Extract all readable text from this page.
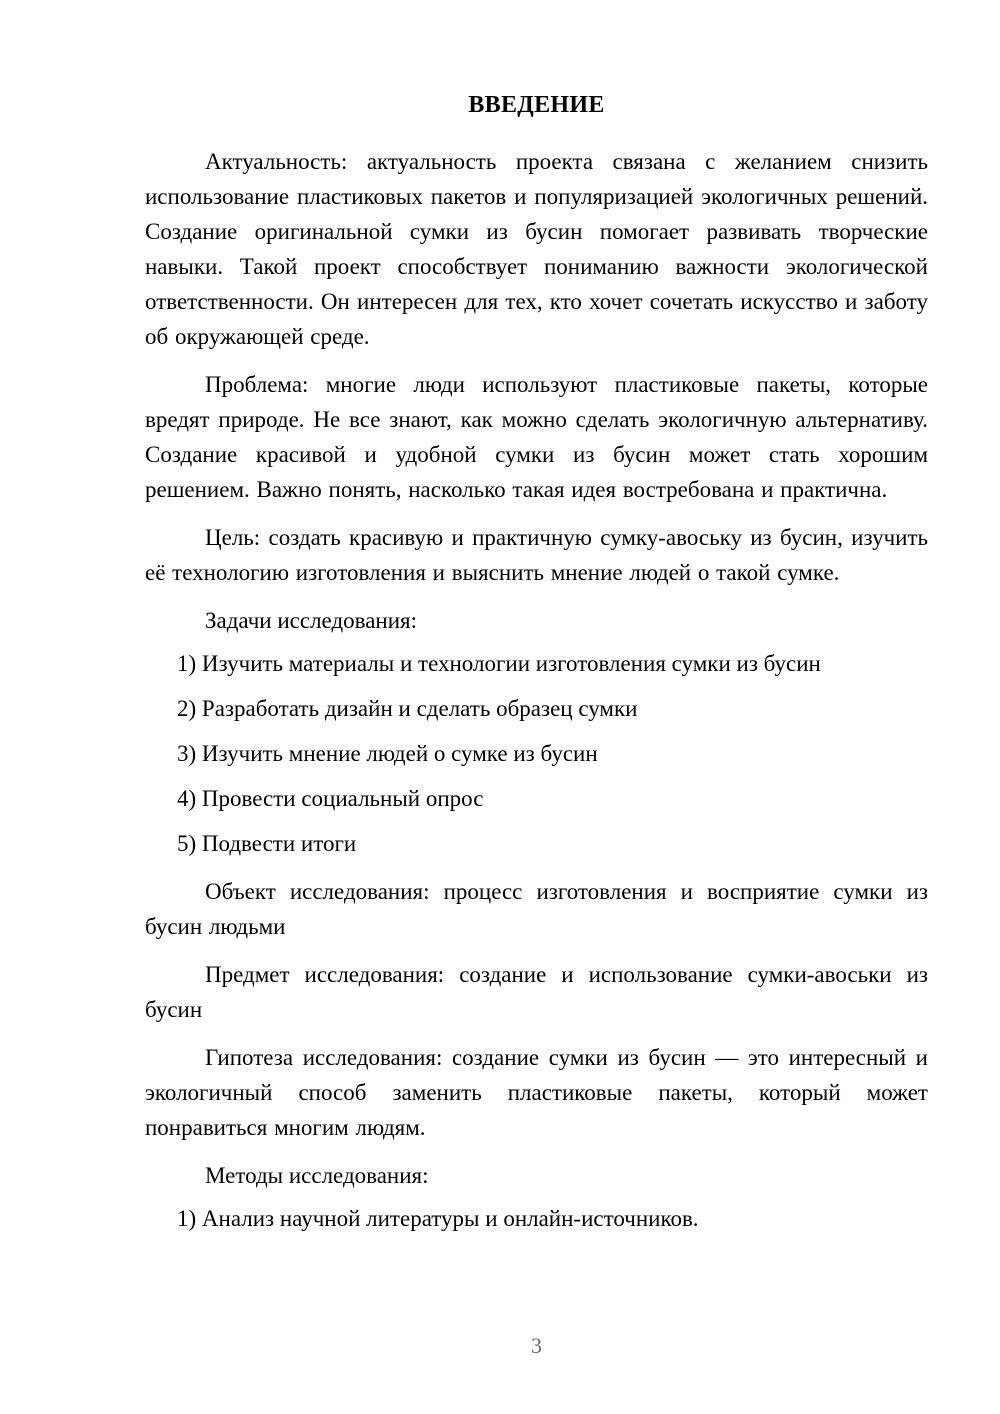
ВВЕДЕНИЕ

Актуальность: актуальность проекта связана с желанием снизить использование пластиковых пакетов и популяризацией экологичных решений. Создание оригинальной сумки из бусин помогает развивать творческие навыки. Такой проект способствует пониманию важности экологической ответственности. Он интересен для тех, кто хочет сочетать искусство и заботу об окружающей среде.

Проблема: многие люди используют пластиковые пакеты, которые вредят природе. Не все знают, как можно сделать экологичную альтернативу. Создание красивой и удобной сумки из бусин может стать хорошим решением. Важно понять, насколько такая идея востребована и практична.

Цель: создать красивую и практичную сумку-авоську из бусин, изучить её технологию изготовления и выяснить мнение людей о такой сумке.

Задачи исследования:

1) Изучить материалы и технологии изготовления сумки из бусин

2) Разработать дизайн и сделать образец сумки

3) Изучить мнение людей о сумке из бусин

4) Провести социальный опрос

5) Подвести итоги

Объект исследования: процесс изготовления и восприятие сумки из бусин людьми

Предмет исследования: создание и использование сумки-авоськи из бусин

Гипотеза исследования: создание сумки из бусин — это интересный и экологичный способ заменить пластиковые пакеты, который может понравиться многим людям.

Методы исследования:

1) Анализ научной литературы и онлайн-источников.

3
